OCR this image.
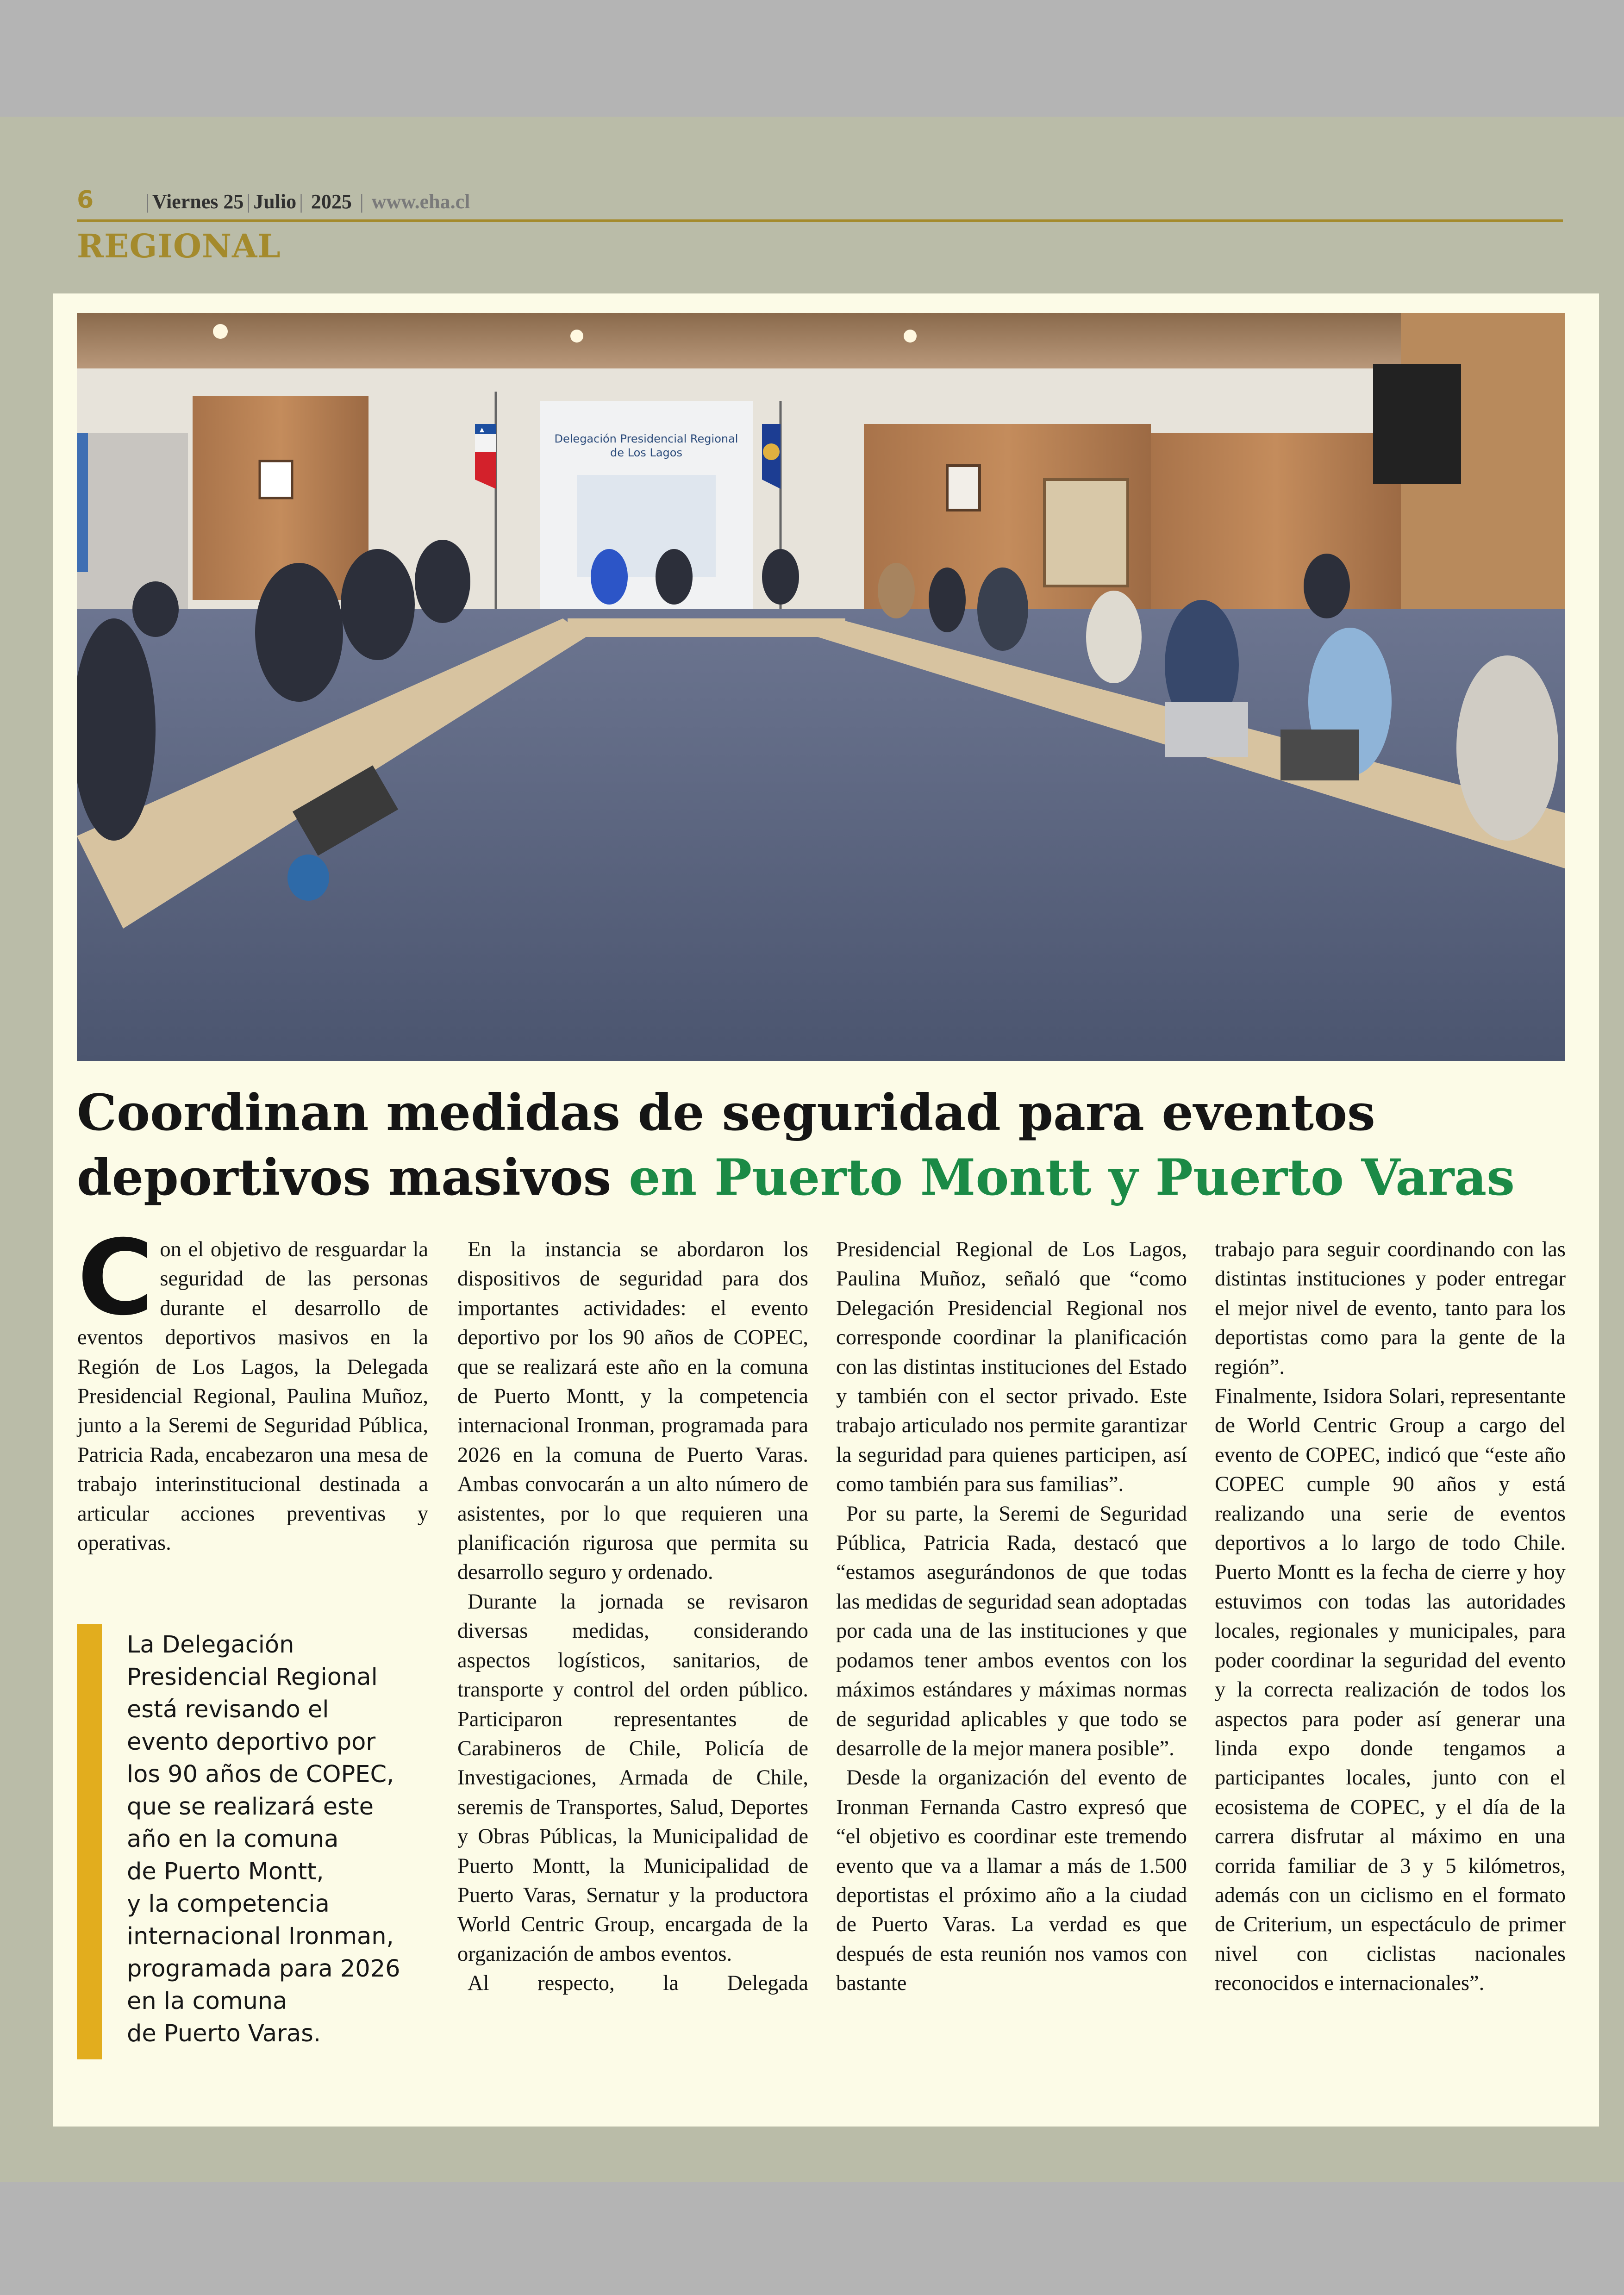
6	| Viernes 25 | Julio | 2025 | www.eha.cl
REGIONAL
Delegación Presidencial Regional
de Los Lagos
Coordinan medidas de seguridad para eventos deportivos masivos en Puerto Montt y Puerto Varas

Con el objetivo de resguardar la seguridad de las personas durante el desarrollo de eventos deportivos masivos en la Región de Los Lagos, la Delegada Presidencial Regional, Paulina Muñoz, junto a la Seremi de Seguridad Pública, Patricia Rada, encabezaron una mesa de trabajo interinstitucional destinada a articular acciones preventivas y operativas.

La Delegación
Presidencial Regional
está revisando el
evento deportivo por
los 90 años de COPEC,
que se realizará este
año en la comuna
de Puerto Montt,
y la competencia
internacional Ironman,
programada para 2026
en la comuna
de Puerto Varas.

En la instancia se abordaron los dispositivos de seguridad para dos importantes actividades: el evento deportivo por los 90 años de COPEC, que se realizará este año en la comuna de Puerto Montt, y la competencia internacional Ironman, programada para 2026 en la comuna de Puerto Varas. Ambas convocarán a un alto número de asistentes, por lo que requieren una planificación rigurosa que permita su desarrollo seguro y ordenado.

Durante la jornada se revisaron diversas medidas, considerando aspectos logísticos, sanitarios, de transporte y control del orden público. Participaron representantes de Carabineros de Chile, Policía de Investigaciones, Armada de Chile, seremis de Transportes, Salud, Deportes y Obras Públicas, la Municipalidad de Puerto Montt, la Municipalidad de Puerto Varas, Sernatur y la productora World Centric Group, encargada de la organización de ambos eventos.

Al respecto, la Delegada

Presidencial Regional de Los Lagos, Paulina Muñoz, señaló que “como Delegación Presidencial Regional nos corresponde coordinar la planificación con las distintas instituciones del Estado y también con el sector privado. Este trabajo articulado nos permite garantizar la seguridad para quienes participen, así como también para sus familias”.

Por su parte, la Seremi de Seguridad Pública, Patricia Rada, destacó que “estamos asegurándonos de que todas las medidas de seguridad sean adoptadas por cada una de las instituciones y que podamos tener ambos eventos con los máximos estándares y máximas normas de seguridad aplicables y que todo se desarrolle de la mejor manera posible”.

Desde la organización del evento de Ironman Fernanda Castro expresó que “el objetivo es coordinar este tremendo evento que va a llamar a más de 1.500 deportistas el próximo año a la ciudad de Puerto Varas. La verdad es que después de esta reunión nos vamos con bastante

trabajo para seguir coordinando con las distintas instituciones y poder entregar el mejor nivel de evento, tanto para los deportistas como para la gente de la región”.

Finalmente, Isidora Solari, representante de World Centric Group a cargo del evento de COPEC, indicó que “este año COPEC cumple 90 años y está realizando una serie de eventos deportivos a lo largo de todo Chile. Puerto Montt es la fecha de cierre y hoy estuvimos con todas las autoridades locales, regionales y municipales, para poder coordinar la seguridad del evento y la correcta realización de todos los aspectos para poder así generar una linda expo donde tengamos a participantes locales, junto con el ecosistema de COPEC, y el día de la carrera disfrutar al máximo en una corrida familiar de 3 y 5 kilómetros, además con un ciclismo en el formato de Criterium, un espectáculo de primer nivel con ciclistas nacionales reconocidos e internacionales”.
